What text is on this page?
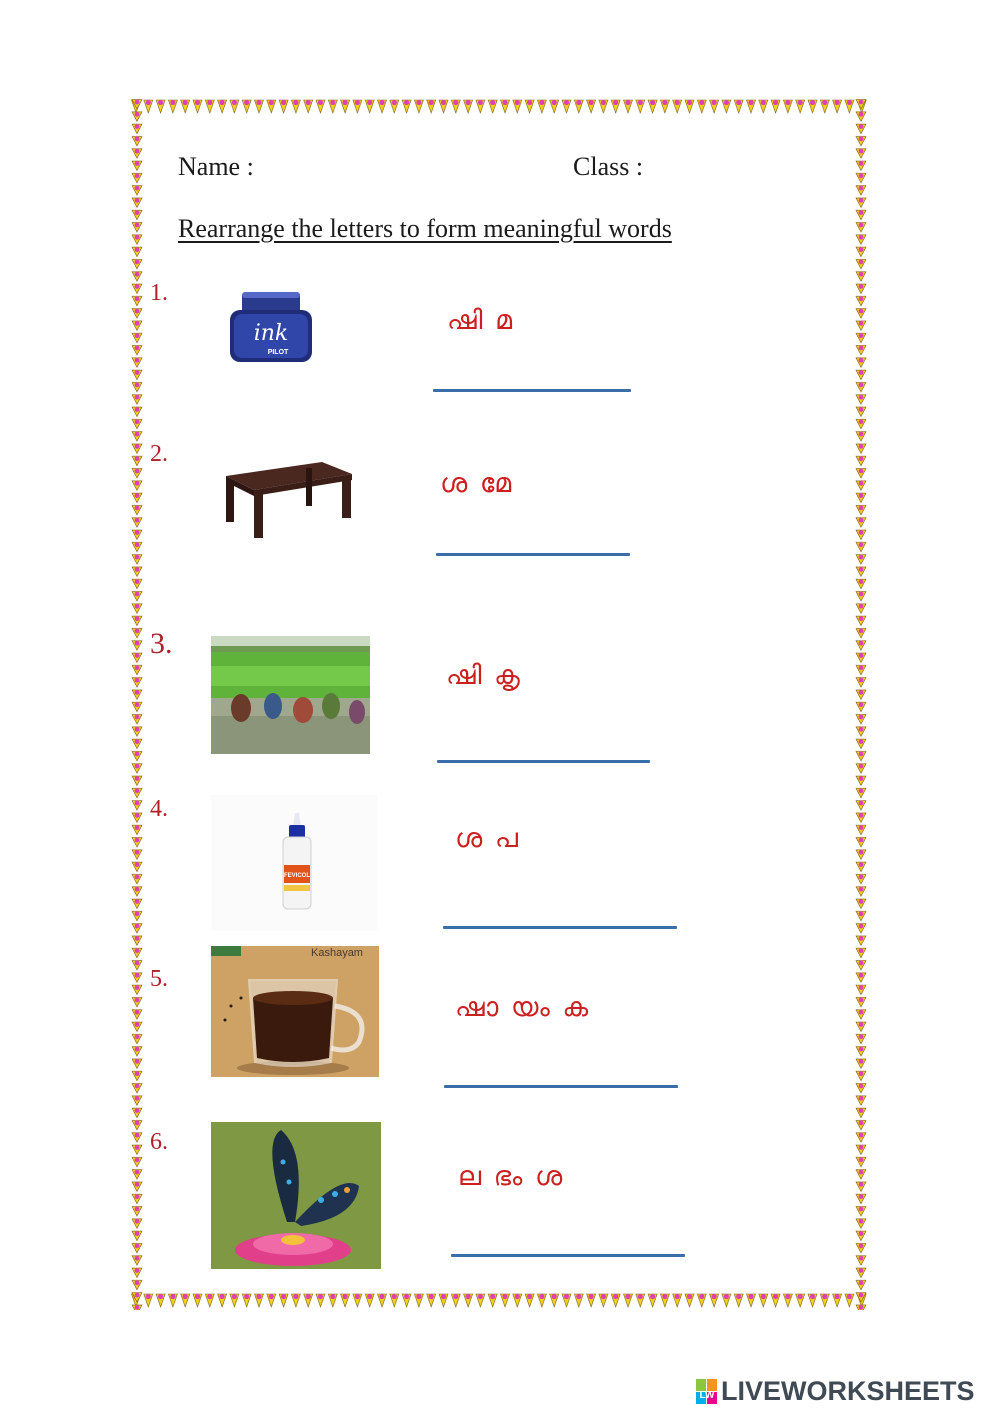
Name :	Class :
Rearrange the letters to form meaningful words
1.
ink
PILOT
ഷി മ
2.
ശ മേ
3.
ഷി കൃ
4.
FEVICOL
ശ പ
5.
Kashayam
ഷാ യം ക
6.
ല ഭം ശ
LW LIVEWORKSHEETS
